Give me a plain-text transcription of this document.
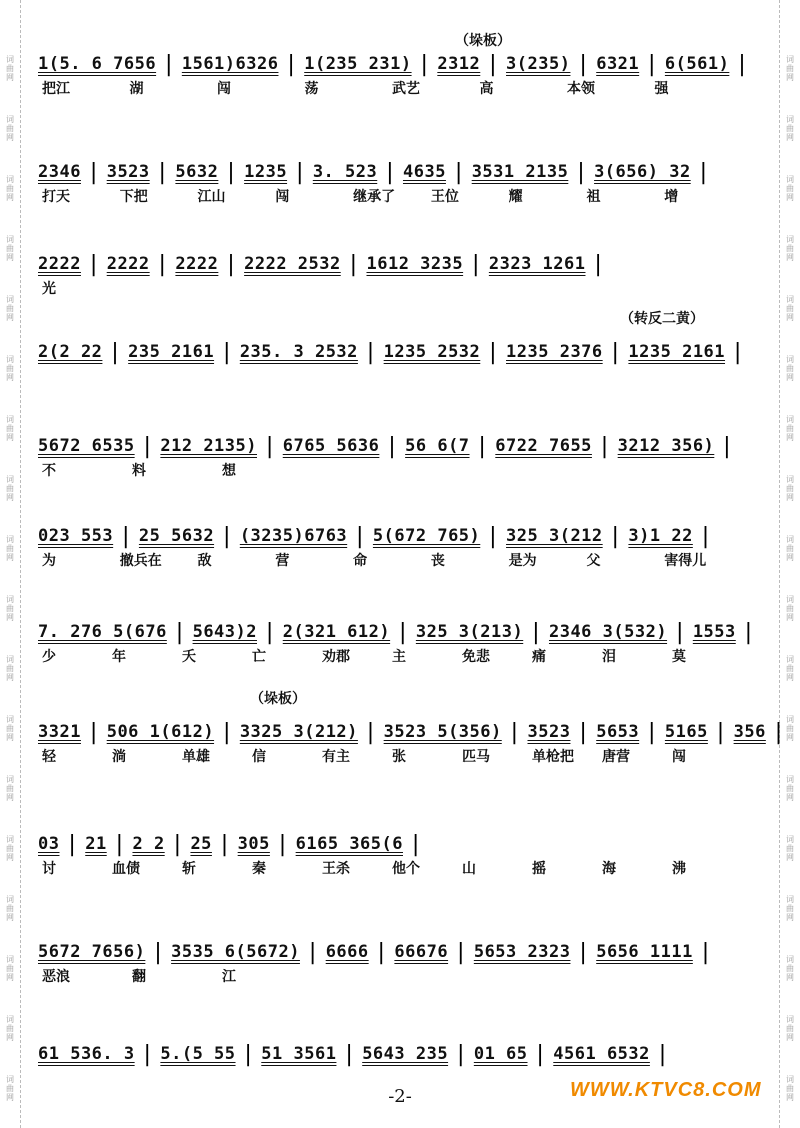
（垛板）
（转反二黄）
（垛板）
1(5. 6 7656 | 1561)6326 | 1(235 231) | 2312 | 3(235) | 6321 | 6(561) |
把江	湖	闯	荡	武艺	高	本领	强
2346 | 3523 | 5632 | 1235 | 3. 523 | 4635 | 3531 2135 | 3(656) 32 |
打天	下把	江山	闯	继承了	王位	耀	祖	增
2222 | 2222 | 2222 | 2222 2532 | 1612 3235 | 2323 1261 |
光
2(2 22 | 235 2161 | 235. 3 2532 | 1235 2532 | 1235 2376 | 1235 2161 |
5672 6535 | 212 2135) | 6765 5636 | 56 6(7 | 6722 7655 | 3212 356) |
不	料	想
023 553 | 25 5632 | (3235)6763 | 5(672 765) | 325 3(212 | 3)1 22 |
为	撤兵在	敌	营	命	丧	是为	父	害得儿
7. 276 5(676 | 5643)2 | 2(321 612) | 325 3(213) | 2346 3(532) | 1553 |
少	年	夭	亡	劝郡	主	免悲	痛	泪	莫
3321 | 506 1(612) | 3325 3(212) | 3523 5(356) | 3523 | 5653 | 5165 | 356 |
轻	淌	单雄	信	有主	张	匹马	单枪把 唐营	闯
03 | 21 | 2 2 | 25 | 305 | 6165 365(6 |
讨	血债	斩	秦	王杀	他个	山	摇	海	沸
5672 7656) | 3535 6(5672) | 6666 | 66676 | 5653 2323 | 5656 1111 |
恶浪	翻	江
61 536. 3 | 5.(5 55 | 51 3561 | 5643 235 | 01 65 | 4561 6532 |
-2-	WWW.KTVC8.COM
词
曲
网
词
曲
网
词
曲
网
词
曲
网
词
曲
网
词
曲
网
词
曲
网
词
曲
网
词
曲
网
词
曲
网
词
曲
网
词
曲
网
词
曲
网
词
曲
网
词
曲
网
词
曲
网
词
曲
网
词
曲
网
词
曲
网
词
曲
网
词
曲
网
词
曲
网
词
曲
网
词
曲
网
词
曲
网
词
曲
网
词
曲
网
词
曲
网
词
曲
网
词
曲
网
词
曲
网
词
曲
网
词
曲
网
词
曲
网
词
曲
网
词
曲
网
